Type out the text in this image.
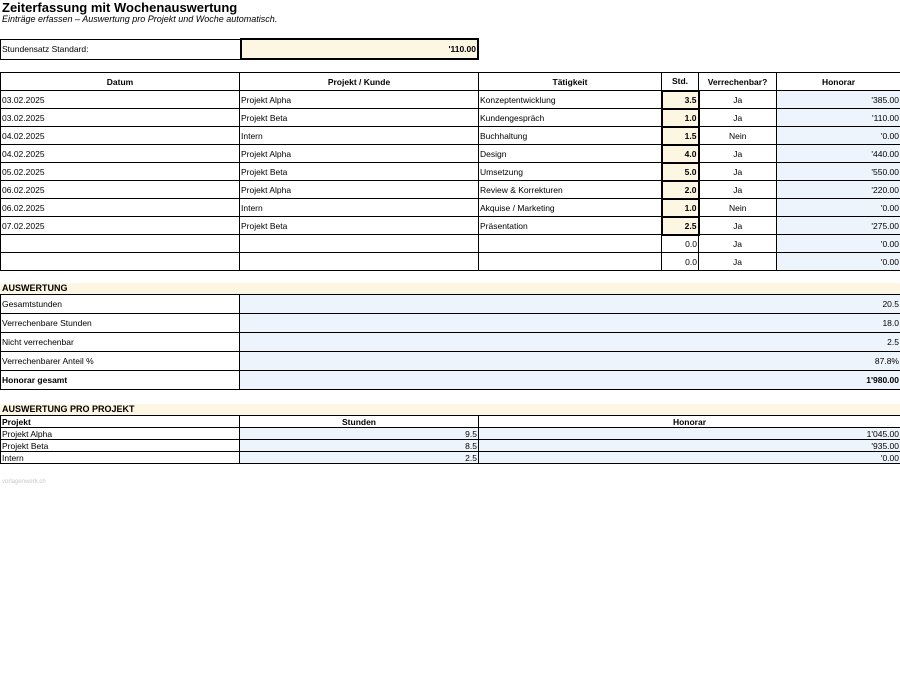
Zeiterfassung mit Wochenauswertung
Einträge erfassen – Auswertung pro Projekt und Woche automatisch.
Stundensatz Standard:	'110.00
Datum	Projekt / Kunde	Tätigkeit	Std.	Verrechenbar?	Honorar
03.02.2025	Projekt Alpha	Konzeptentwicklung	3.5	Ja	'385.00
03.02.2025	Projekt Beta	Kundengespräch	1.0	Ja	'110.00
04.02.2025	Intern	Buchhaltung	1.5	Nein	'0.00
04.02.2025	Projekt Alpha	Design	4.0	Ja	'440.00
05.02.2025	Projekt Beta	Umsetzung	5.0	Ja	'550.00
06.02.2025	Projekt Alpha	Review & Korrekturen	2.0	Ja	'220.00
06.02.2025	Intern	Akquise / Marketing	1.0	Nein	'0.00
07.02.2025	Projekt Beta	Präsentation	2.5	Ja	'275.00
			0.0	Ja	'0.00
			0.0	Ja	'0.00
AUSWERTUNG
Gesamtstunden	20.5
Verrechenbare Stunden	18.0
Nicht verrechenbar	2.5
Verrechenbarer Anteil %	87.8%
Honorar gesamt	1'980.00
AUSWERTUNG PRO PROJEKT
Projekt	Stunden	Honorar
Projekt Alpha	9.5	1'045.00
Projekt Beta	8.5	'935.00
Intern	2.5	'0.00
vorlagenwerk.ch
